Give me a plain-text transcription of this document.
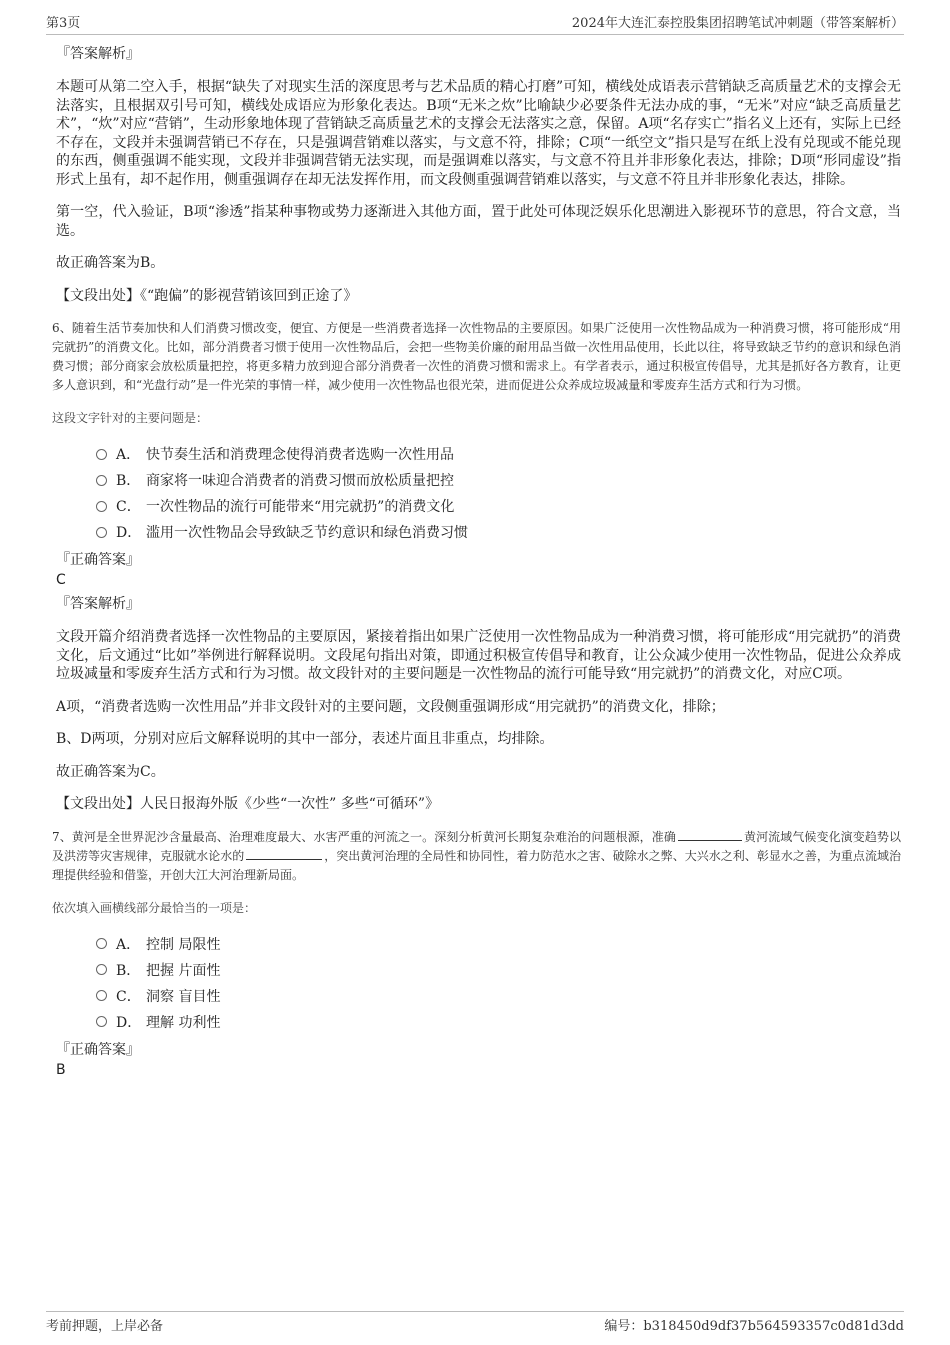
第3页	2024年大连汇泰控股集团招聘笔试冲刺题（带答案解析）

『答案解析』

本题可从第二空入手，根据“缺失了对现实生活的深度思考与艺术品质的精心打磨”可知，横线处成语表示营销缺乏高质量艺术的支撑会无法落实，且根据双引号可知，横线处成语应为形象化表达。B项“无米之炊”比喻缺少必要条件无法办成的事，“无米”对应“缺乏高质量艺术”，“炊”对应“营销”，生动形象地体现了营销缺乏高质量艺术的支撑会无法落实之意，保留。A项“名存实亡”指名义上还有，实际上已经不存在，文段并未强调营销已不存在，只是强调营销难以落实，与文意不符，排除；C项“一纸空文”指只是写在纸上没有兑现或不能兑现的东西，侧重强调不能实现，文段并非强调营销无法实现，而是强调难以落实，与文意不符且并非形象化表达，排除；D项“形同虚设”指形式上虽有，却不起作用，侧重强调存在却无法发挥作用，而文段侧重强调营销难以落实，与文意不符且并非形象化表达，排除。

第一空，代入验证，B项“渗透”指某种事物或势力逐渐进入其他方面，置于此处可体现泛娱乐化思潮进入影视环节的意思，符合文意，当选。

故正确答案为B。

【文段出处】《“跑偏”的影视营销该回到正途了》

6、随着生活节奏加快和人们消费习惯改变，便宜、方便是一些消费者选择一次性物品的主要原因。如果广泛使用一次性物品成为一种消费习惯，将可能形成“用完就扔”的消费文化。比如，部分消费者习惯于使用一次性物品后，会把一些物美价廉的耐用品当做一次性用品使用，长此以往，将导致缺乏节约的意识和绿色消费习惯；部分商家会放松质量把控，将更多精力放到迎合部分消费者一次性的消费习惯和需求上。有学者表示，通过积极宣传倡导，尤其是抓好各方教育，让更多人意识到，和“光盘行动”是一件光荣的事情一样，减少使用一次性物品也很光荣，进而促进公众养成垃圾减量和零废弃生活方式和行为习惯。

这段文字针对的主要问题是：

A． 快节奏生活和消费理念使得消费者选购一次性用品
B． 商家将一味迎合消费者的消费习惯而放松质量把控
C． 一次性物品的流行可能带来“用完就扔”的消费文化
D． 滥用一次性物品会导致缺乏节约意识和绿色消费习惯

『正确答案』

C

『答案解析』

文段开篇介绍消费者选择一次性物品的主要原因，紧接着指出如果广泛使用一次性物品成为一种消费习惯，将可能形成“用完就扔”的消费文化，后文通过“比如”举例进行解释说明。文段尾句指出对策，即通过积极宣传倡导和教育，让公众减少使用一次性物品，促进公众养成垃圾减量和零废弃生活方式和行为习惯。故文段针对的主要问题是一次性物品的流行可能导致“用完就扔”的消费文化，对应C项。

A项，“消费者选购一次性用品”并非文段针对的主要问题，文段侧重强调形成“用完就扔”的消费文化，排除；

B、D两项，分别对应后文解释说明的其中一部分，表述片面且非重点，均排除。

故正确答案为C。

【文段出处】人民日报海外版《少些“一次性” 多些“可循环”》

7、黄河是全世界泥沙含量最高、治理难度最大、水害严重的河流之一。深刻分析黄河长期复杂难治的问题根源，准确	黄河流域气候变化演变趋势以及洪涝等灾害规律，克服就水论水的	，突出黄河治理的全局性和协同性，着力防范水之害、破除水之弊、大兴水之利、彰显水之善，为重点流域治理提供经验和借鉴，开创大江大河治理新局面。

依次填入画横线部分最恰当的一项是：

A． 控制 局限性
B． 把握 片面性
C． 洞察 盲目性
D． 理解 功利性

『正确答案』

B

考前押题，上岸必备	编号：b318450d9df37b564593357c0d81d3dd
